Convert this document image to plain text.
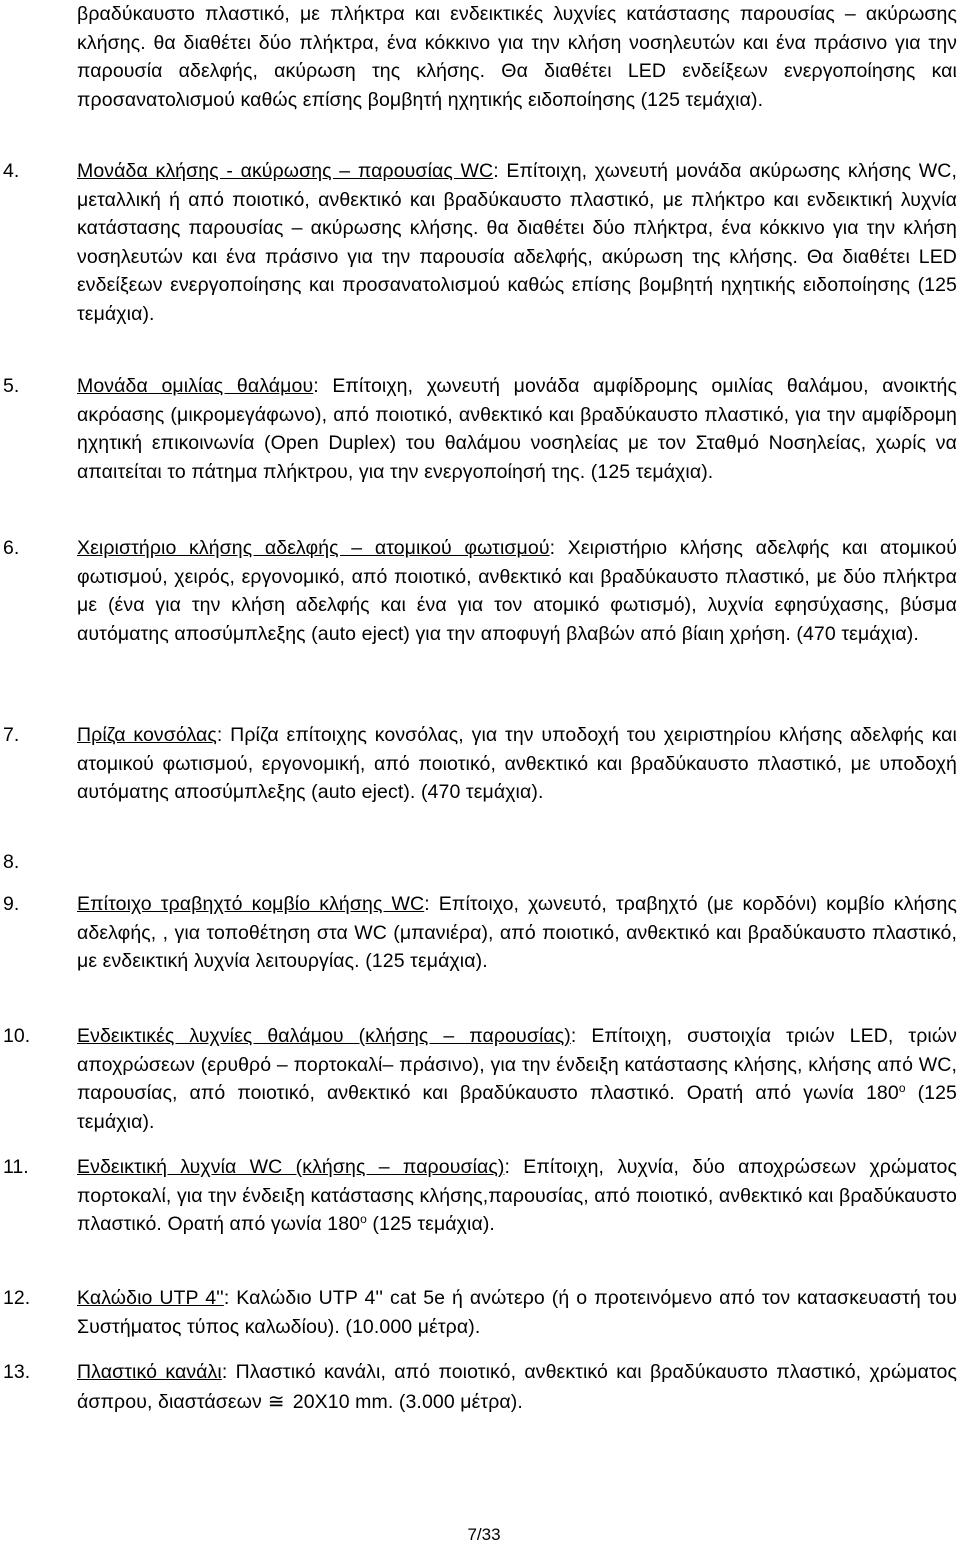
βραδύκαυστο πλαστικό, με πλήκτρα και ενδεικτικές λυχνίες κατάστασης παρουσίας – ακύρωσης κλήσης. θα διαθέτει δύο πλήκτρα, ένα κόκκινο για την κλήση νοσηλευτών και ένα πράσινο για την παρουσία αδελφής, ακύρωση της κλήσης. Θα διαθέτει LED ενδείξεων ενεργοποίησης και προσανατολισμού καθώς επίσης βομβητή ηχητικής ειδοποίησης (125 τεμάχια).
4.	Μονάδα κλήσης - ακύρωσης – παρουσίας WC: Επίτοιχη, χωνευτή μονάδα ακύρωσης κλήσης WC, μεταλλική ή από ποιοτικό, ανθεκτικό και βραδύκαυστο πλαστικό, με πλήκτρο και ενδεικτική λυχνία κατάστασης παρουσίας – ακύρωσης κλήσης. θα διαθέτει δύο πλήκτρα, ένα κόκκινο για την κλήση νοσηλευτών και ένα πράσινο για την παρουσία αδελφής, ακύρωση της κλήσης. Θα διαθέτει LED ενδείξεων ενεργοποίησης και προσανατολισμού καθώς επίσης βομβητή ηχητικής ειδοποίησης (125 τεμάχια).
5.	Μονάδα ομιλίας θαλάμου: Επίτοιχη, χωνευτή μονάδα αμφίδρομης ομιλίας θαλάμου, ανοικτής ακρόασης (μικρομεγάφωνο), από ποιοτικό, ανθεκτικό και βραδύκαυστο πλαστικό, για την αμφίδρομη ηχητική επικοινωνία (Open Duplex) του θαλάμου νοσηλείας με τον Σταθμό Νοσηλείας, χωρίς να απαιτείται το πάτημα πλήκτρου, για την ενεργοποίησή της. (125 τεμάχια).
6.	Χειριστήριο κλήσης αδελφής – ατομικού φωτισμού: Χειριστήριο κλήσης αδελφής και ατομικού φωτισμού, χειρός, εργονομικό, από ποιοτικό, ανθεκτικό και βραδύκαυστο πλαστικό, με δύο πλήκτρα με (ένα για την κλήση αδελφής και ένα για τον ατομικό φωτισμό), λυχνία εφησύχασης, βύσμα αυτόματης αποσύμπλεξης (auto eject) για την αποφυγή βλαβών από βίαιη χρήση. (470 τεμάχια).
7.	Πρίζα κονσόλας: Πρίζα επίτοιχης κονσόλας, για την υποδοχή του χειριστηρίου κλήσης αδελφής και ατομικού φωτισμού, εργονομική, από ποιοτικό, ανθεκτικό και βραδύκαυστο πλαστικό, με υποδοχή αυτόματης αποσύμπλεξης (auto eject). (470 τεμάχια).
8.
9.	Επίτοιχο τραβηχτό κομβίο κλήσης WC: Επίτοιχο, χωνευτό, τραβηχτό (με κορδόνι) κομβίο κλήσης αδελφής, , για τοποθέτηση στα WC (μπανιέρα), από ποιοτικό, ανθεκτικό και βραδύκαυστο πλαστικό, με ενδεικτική λυχνία λειτουργίας. (125 τεμάχια).
10. Ενδεικτικές λυχνίες θαλάμου (κλήσης – παρουσίας): Επίτοιχη, συστοιχία τριών LED, τριών αποχρώσεων (ερυθρό – πορτοκαλί– πράσινο), για την ένδειξη κατάστασης κλήσης, κλήσης από WC, παρουσίας, από ποιοτικό, ανθεκτικό και βραδύκαυστο πλαστικό. Ορατή από γωνία $180^o$ (125 τεμάχια).
11. Ενδεικτική λυχνία WC (κλήσης – παρουσίας): Επίτοιχη, λυχνία, δύο αποχρώσεων χρώματος πορτοκαλί, για την ένδειξη κατάστασης κλήσης,παρουσίας, από ποιοτικό, ανθεκτικό και βραδύκαυστο πλαστικό. Ορατή από γωνία $180^o$ (125 τεμάχια).
12. Καλώδιο UTP 4'': Καλώδιο UTP 4'' cat 5e ή ανώτερο (ή ο προτεινόμενο από τον κατασκευαστή του Συστήματος τύπος καλωδίου). (10.000 μέτρα).
13. Πλαστικό κανάλι: Πλαστικό κανάλι, από ποιοτικό, ανθεκτικό και βραδύκαυστο πλαστικό, χρώματος άσπρου, διαστάσεων ≅ 20X10 mm. (3.000 μέτρα).
7/33
